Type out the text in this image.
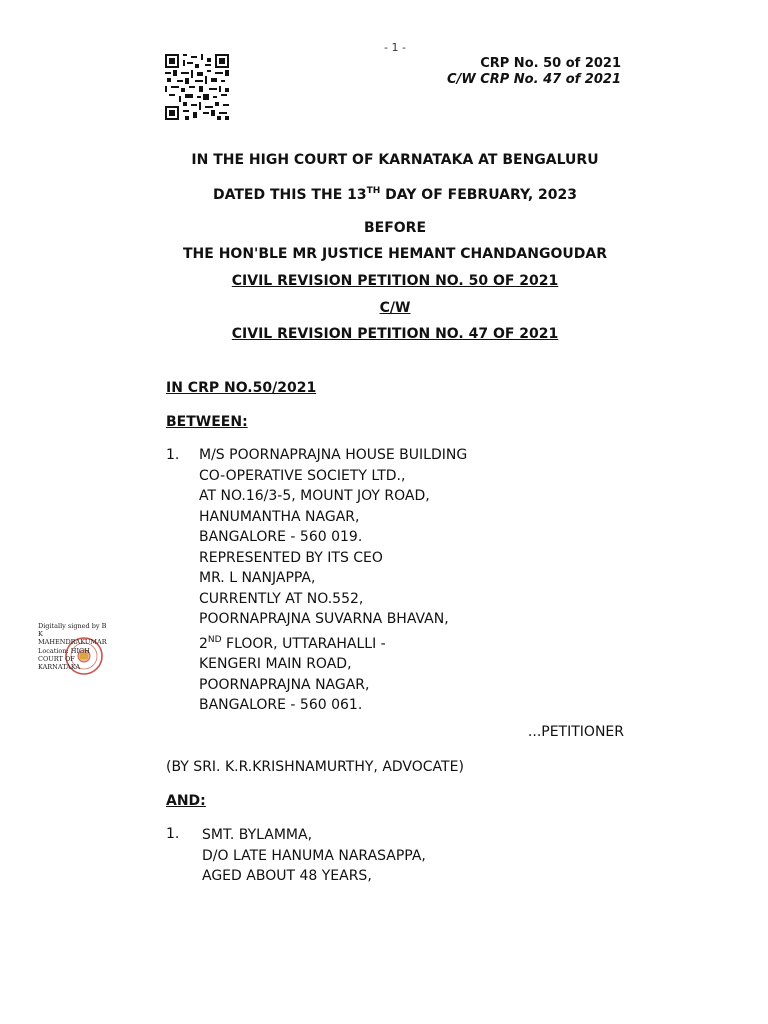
- 1 -
CRP No. 50 of 2021
C/W CRP No. 47 of 2021
IN THE HIGH COURT OF KARNATAKA AT BENGALURU
DATED THIS THE 13TH DAY OF FEBRUARY, 2023
BEFORE
THE HON'BLE MR JUSTICE HEMANT CHANDANGOUDAR
CIVIL REVISION PETITION NO. 50 OF 2021
C/W
CIVIL REVISION PETITION NO. 47 OF 2021
IN CRP NO.50/2021
BETWEEN:
1. M/S POORNAPRAJNA HOUSE BUILDING
CO-OPERATIVE SOCIETY LTD.,
AT NO.16/3-5, MOUNT JOY ROAD,
HANUMANTHA NAGAR,
BANGALORE - 560 019.
REPRESENTED BY ITS CEO
MR. L NANJAPPA,
CURRENTLY AT NO.552,
POORNAPRAJNA SUVARNA BHAVAN,
2ND FLOOR, UTTARAHALLI -
KENGERI MAIN ROAD,
POORNAPRAJNA NAGAR,
BANGALORE - 560 061.
...PETITIONER
(BY SRI. K.R.KRISHNAMURTHY, ADVOCATE)
AND:
1. SMT. BYLAMMA,
D/O LATE HANUMA NARASAPPA,
AGED ABOUT 48 YEARS,
Digitally signed by B
K
MAHENDRAKUMAR
Location: HIGH
COURT OF
KARNATAKA
